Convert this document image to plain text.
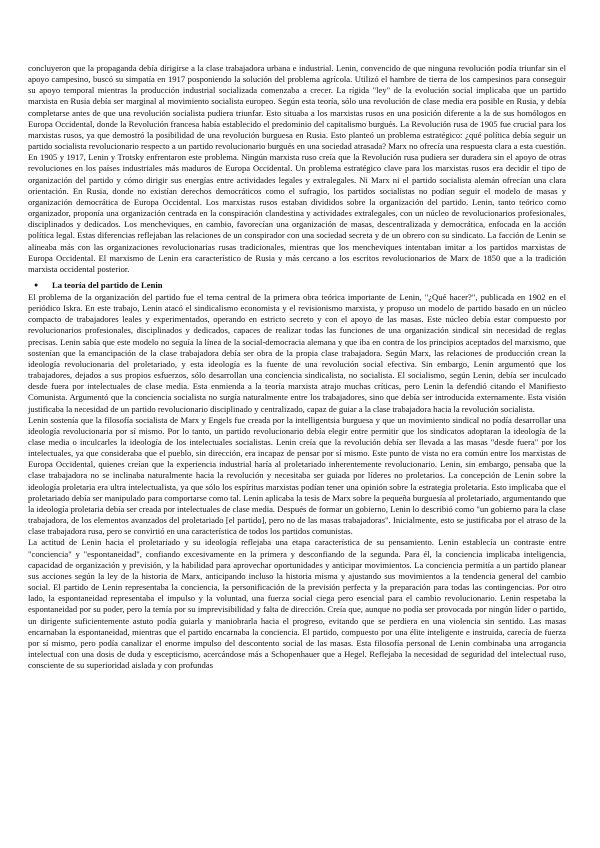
concluyeron que la propaganda debía dirigirse a la clase trabajadora urbana e industrial. Lenin, convencido de que ninguna revolución podía triunfar sin el apoyo campesino, buscó su simpatía en 1917 posponiendo la solución del problema agrícola. Utilizó el hambre de tierra de los campesinos para conseguir su apoyo temporal mientras la producción industrial socializada comenzaba a crecer. La rígida "ley" de la evolución social implicaba que un partido marxista en Rusia debía ser marginal al movimiento socialista europeo. Según esta teoría, sólo una revolución de clase media era posible en Rusia, y debía completarse antes de que una revolución socialista pudiera triunfar. Esto situaba a los marxistas rusos en una posición diferente a la de sus homólogos en Europa Occidental, donde la Revolución francesa había establecido el predominio del capitalismo burgués. La Revolución rusa de 1905 fue crucial para los marxistas rusos, ya que demostró la posibilidad de una revolución burguesa en Rusia. Esto planteó un problema estratégico: ¿qué política debía seguir un partido socialista revolucionario respecto a un partido revolucionario burgués en una sociedad atrasada? Marx no ofrecía una respuesta clara a esta cuestión. En 1905 y 1917, Lenin y Trotsky enfrentaron este problema. Ningún marxista ruso creía que la Revolución rusa pudiera ser duradera sin el apoyo de otras revoluciones en los países industriales más maduros de Europa Occidental. Un problema estratégico clave para los marxistas rusos era decidir el tipo de organización del partido y cómo dirigir sus energías entre actividades legales y extralegales. Ni Marx ni el partido socialista alemán ofrecían una clara orientación. En Rusia, donde no existían derechos democráticos como el sufragio, los partidos socialistas no podían seguir el modelo de masas y organización democrática de Europa Occidental. Los marxistas rusos estaban divididos sobre la organización del partido. Lenin, tanto teórico como organizador, proponía una organización centrada en la conspiración clandestina y actividades extralegales, con un núcleo de revolucionarios profesionales, disciplinados y dedicados. Los mencheviques, en cambio, favorecían una organización de masas, descentralizada y democrática, enfocada en la acción política legal. Estas diferencias reflejaban las relaciones de un conspirador con una sociedad secreta y de un obrero con su sindicato. La facción de Lenin se alineaba más con las organizaciones revolucionarias rusas tradicionales, mientras que los mencheviques intentaban imitar a los partidos marxistas de Europa Occidental. El marxismo de Lenin era característico de Rusia y más cercano a los escritos revolucionarios de Marx de 1850 que a la tradición marxista occidental posterior.

● La teoría del partido de Lenin

El problema de la organización del partido fue el tema central de la primera obra teórica importante de Lenin, "¿Qué hacer?", publicada en 1902 en el periódico Iskra. En este trabajo, Lenin atacó el sindicalismo economista y el revisionismo marxista, y propuso un modelo de partido basado en un núcleo compacto de trabajadores leales y experimentados, operando en estricto secreto y con el apoyo de las masas. Este núcleo debía estar compuesto por revolucionarios profesionales, disciplinados y dedicados, capaces de realizar todas las funciones de una organización sindical sin necesidad de reglas precisas. Lenin sabía que este modelo no seguía la línea de la social-democracia alemana y que iba en contra de los principios aceptados del marxismo, que sostenían que la emancipación de la clase trabajadora debía ser obra de la propia clase trabajadora. Según Marx, las relaciones de producción crean la ideología revolucionaria del proletariado, y esta ideología es la fuente de una revolución social efectiva. Sin embargo, Lenin argumentó que los trabajadores, dejados a sus propios esfuerzos, sólo desarrollan una conciencia sindicalista, no socialista. El socialismo, según Lenin, debía ser inculcado desde fuera por intelectuales de clase media. Esta enmienda a la teoría marxista atrajo muchas críticas, pero Lenin la defendió citando el Manifiesto Comunista. Argumentó que la conciencia socialista no surgía naturalmente entre los trabajadores, sino que debía ser introducida externamente. Esta visión justificaba la necesidad de un partido revolucionario disciplinado y centralizado, capaz de guiar a la clase trabajadora hacia la revolución socialista.

Lenin sostenía que la filosofía socialista de Marx y Engels fue creada por la intelligentsia burguesa y que un movimiento sindical no podía desarrollar una ideología revolucionaria por sí mismo. Por lo tanto, un partido revolucionario debía elegir entre permitir que los sindicatos adoptaran la ideología de la clase media o inculcarles la ideología de los intelectuales socialistas. Lenin creía que la revolución debía ser llevada a las masas "desde fuera" por los intelectuales, ya que consideraba que el pueblo, sin dirección, era incapaz de pensar por sí mismo. Este punto de vista no era común entre los marxistas de Europa Occidental, quienes creían que la experiencia industrial haría al proletariado inherentemente revolucionario. Lenin, sin embargo, pensaba que la clase trabajadora no se inclinaba naturalmente hacia la revolución y necesitaba ser guiada por líderes no proletarios. La concepción de Lenin sobre la ideología proletaria era ultra intelectualista, ya que sólo los espíritus marxistas podían tener una opinión sobre la estrategia proletaria. Esto implicaba que el proletariado debía ser manipulado para comportarse como tal. Lenin aplicaba la tesis de Marx sobre la pequeña burguesía al proletariado, argumentando que la ideología proletaria debía ser creada por intelectuales de clase media. Después de formar un gobierno, Lenin lo describió como "un gobierno para la clase trabajadora, de los elementos avanzados del proletariado [el partido], pero no de las masas trabajadoras". Inicialmente, esto se justificaba por el atraso de la clase trabajadora rusa, pero se convirtió en una característica de todos los partidos comunistas.

La actitud de Lenin hacia el proletariado y su ideología reflejaba una etapa característica de su pensamiento. Lenin establecía un contraste entre "conciencia" y "espontaneidad", confiando excesivamente en la primera y desconfiando de la segunda. Para él, la conciencia implicaba inteligencia, capacidad de organización y previsión, y la habilidad para aprovechar oportunidades y anticipar movimientos. La conciencia permitía a un partido planear sus acciones según la ley de la historia de Marx, anticipando incluso la historia misma y ajustando sus movimientos a la tendencia general del cambio social. El partido de Lenin representaba la conciencia, la personificación de la previsión perfecta y la preparación para todas las contingencias. Por otro lado, la espontaneidad representaba el impulso y la voluntad, una fuerza social ciega pero esencial para el cambio revolucionario. Lenin respetaba la espontaneidad por su poder, pero la temía por su imprevisibilidad y falta de dirección. Creía que, aunque no podía ser provocada por ningún líder o partido, un dirigente suficientemente astuto podía guiarla y maniobrarla hacia el progreso, evitando que se perdiera en una violencia sin sentido. Las masas encarnaban la espontaneidad, mientras que el partido encarnaba la conciencia. El partido, compuesto por una élite inteligente e instruida, carecía de fuerza por sí mismo, pero podía canalizar el enorme impulso del descontento social de las masas. Esta filosofía personal de Lenin combinaba una arrogancia intelectual con una dosis de duda y escepticismo, acercándose más a Schopenhauer que a Hegel. Reflejaba la necesidad de seguridad del intelectual ruso, consciente de su superioridad aislada y con profundas
